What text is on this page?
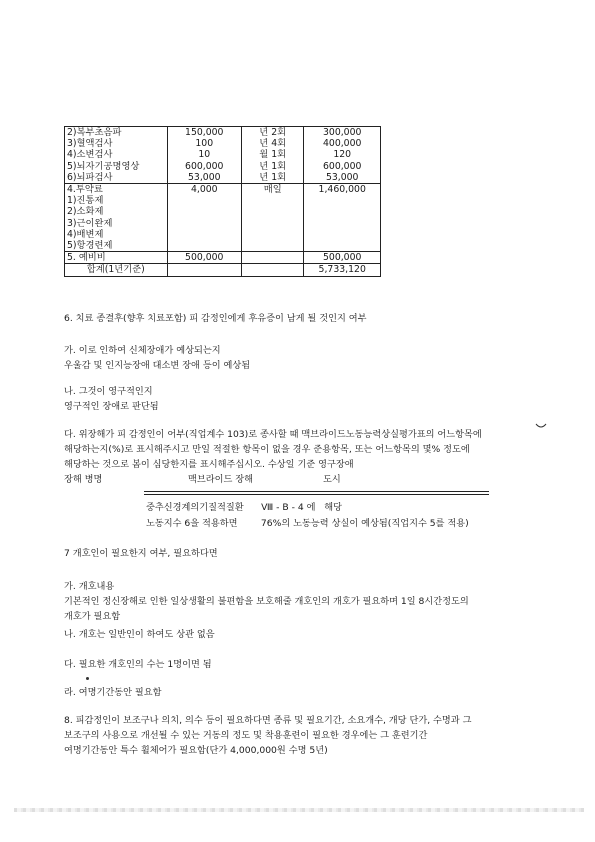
2)복부초음파	150,000	년 2회	300,000
3)혈액검사	100	년 4회	400,000
4)소변검사	10	월 1회	120
5)뇌자기공명영상	600,000	년 1회	600,000
6)뇌파검사	53,000	년 1회	53,000
4.투약료	4,000	매일	1,460,000
1)진통제			
2)소화제			
3)근이완제			
4)배변제			
5)항경련제			
5. 예비비	500,000		500,000
합계(1년기준)			5,733,120

6. 치료 종결후(향후 치료포함) 피 감정인에게 후유증이 남게 될 것인지 여부

가. 이로 인하여 신체장애가 예상되는지

우울감 및 인지능장애 대소변 장애 등이 예상됨

나. 그것이 영구적인지

영구적인 장애로 판단됨

다. 위장해가 피 감정인이 어부(직업계수 103)로 종사할 때 맥브라이드노동능력상실평가표의 어느항목에

해당하는지(%)로 표시해주시고 만일 적절한 항목이 없을 경우 준용항목, 또는 어느항목의 몇% 정도에

해당하는 것으로 봄이 심당한지를 표시해주십시오. 수상일 기준 영구장애

장해 병명	맥브라이드 장해	도시

중추신경계의기질적질환      Ⅷ - B - 4 에   해당

노동지수 6을 적용하면        76%의 노동능력 상실이 예상됨(직업지수 5를 적용)

7 개호인이 필요한지 여부, 필요하다면

가. 개호내용

기본적인 정신장해로 인한 일상생활의 불편함을 보호해줄 개호인의 개호가 필요하며 1일 8시간정도의

개호가 필요함

나. 개호는 일반인이 하여도 상관 없음

다. 필요한 개호인의 수는 1명이면 됨

라. 여명기간동안 필요함

8. 피감정인이 보조구나 의치, 의수 등이 필요하다면 종류 및 필요기간, 소요개수, 개당 단가, 수명과 그

보조구의 사용으로 개선될 수 있는 거동의 정도 및 착용훈련이 필요한 경우에는 그 훈련기간

여명기간동안 특수 휠체어가 필요함(단가 4,000,000원 수명 5년)
